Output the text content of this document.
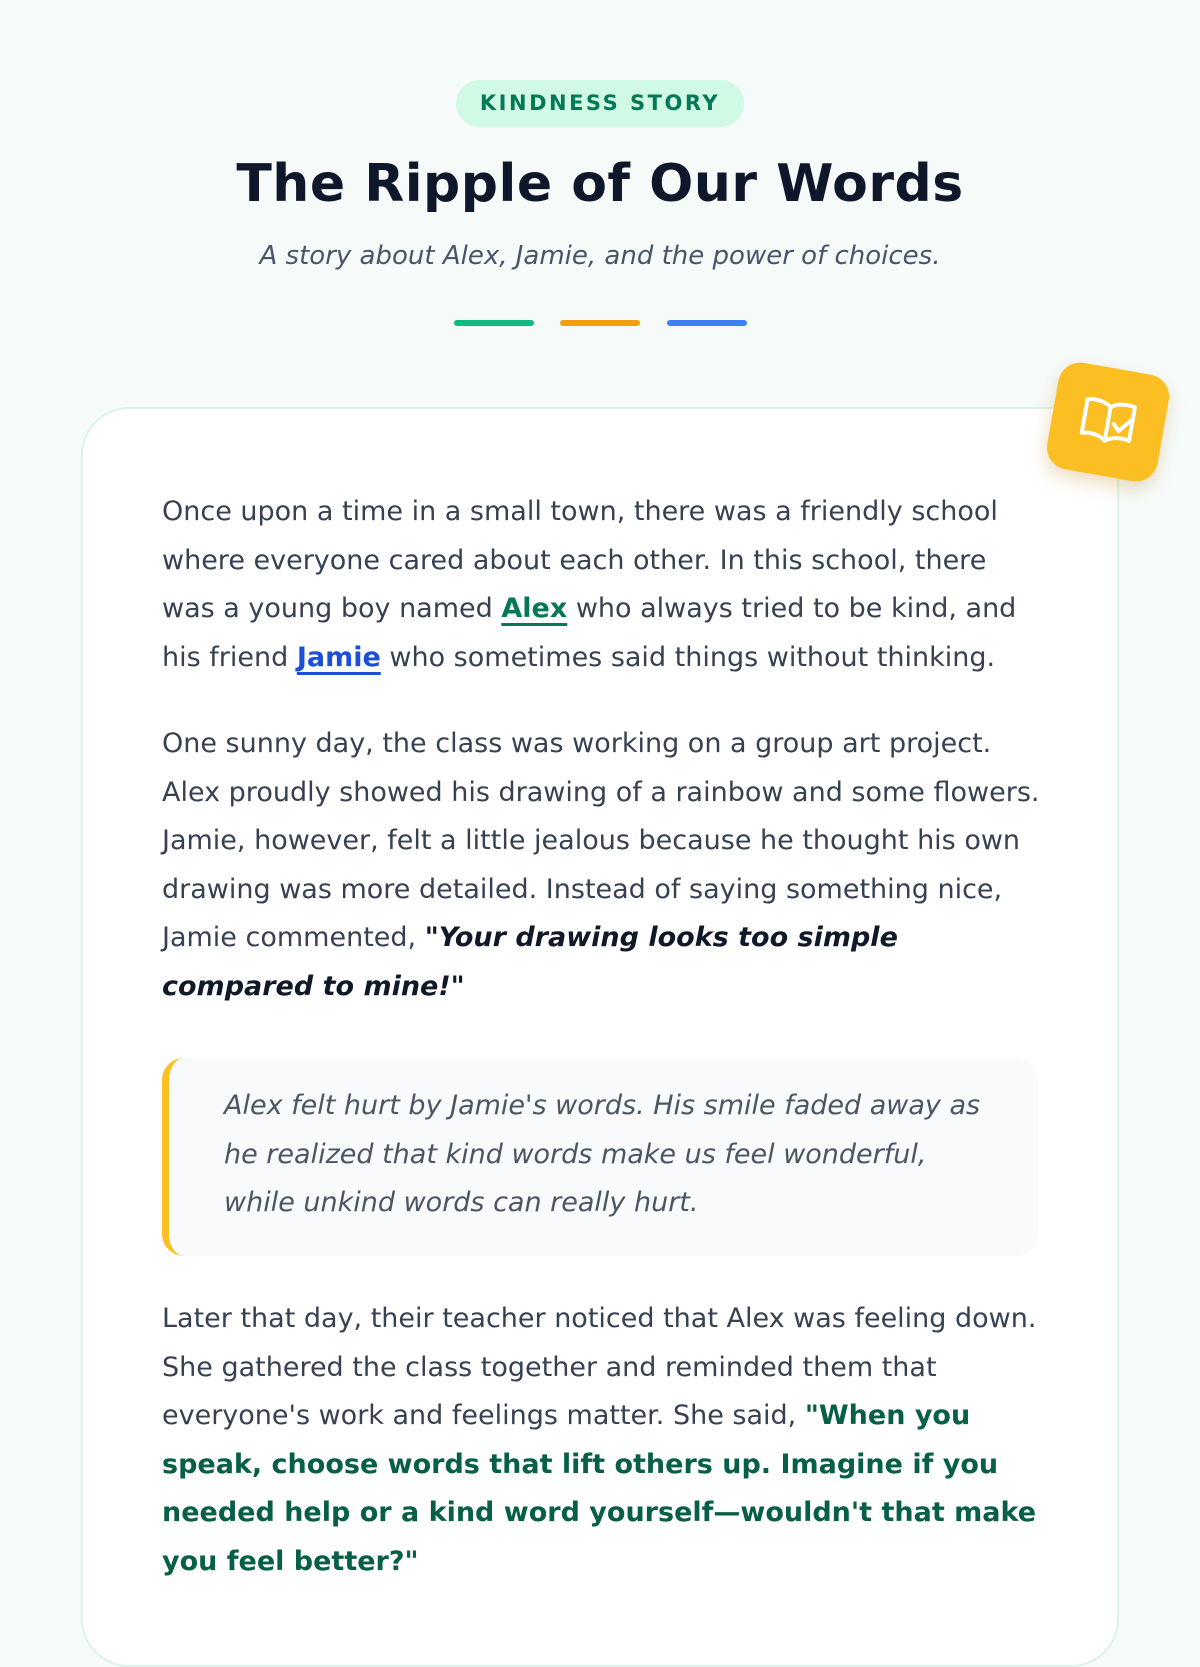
KINDNESS STORY
The Ripple of Our Words
A story about Alex, Jamie, and the power of choices.

Once upon a time in a small town, there was a friendly school where everyone cared about each other. In this school, there was a young boy named Alex who always tried to be kind, and his friend Jamie who sometimes said things without thinking.

One sunny day, the class was working on a group art project. Alex proudly showed his drawing of a rainbow and some flowers. Jamie, however, felt a little jealous because he thought his own drawing was more detailed. Instead of saying something nice, Jamie commented, "Your drawing looks too simple compared to mine!"

Alex felt hurt by Jamie's words. His smile faded away as he realized that kind words make us feel wonderful, while unkind words can really hurt.

Later that day, their teacher noticed that Alex was feeling down. She gathered the class together and reminded them that everyone's work and feelings matter. She said, "When you speak, choose words that lift others up. Imagine if you needed help or a kind word yourself—wouldn't that make you feel better?"
